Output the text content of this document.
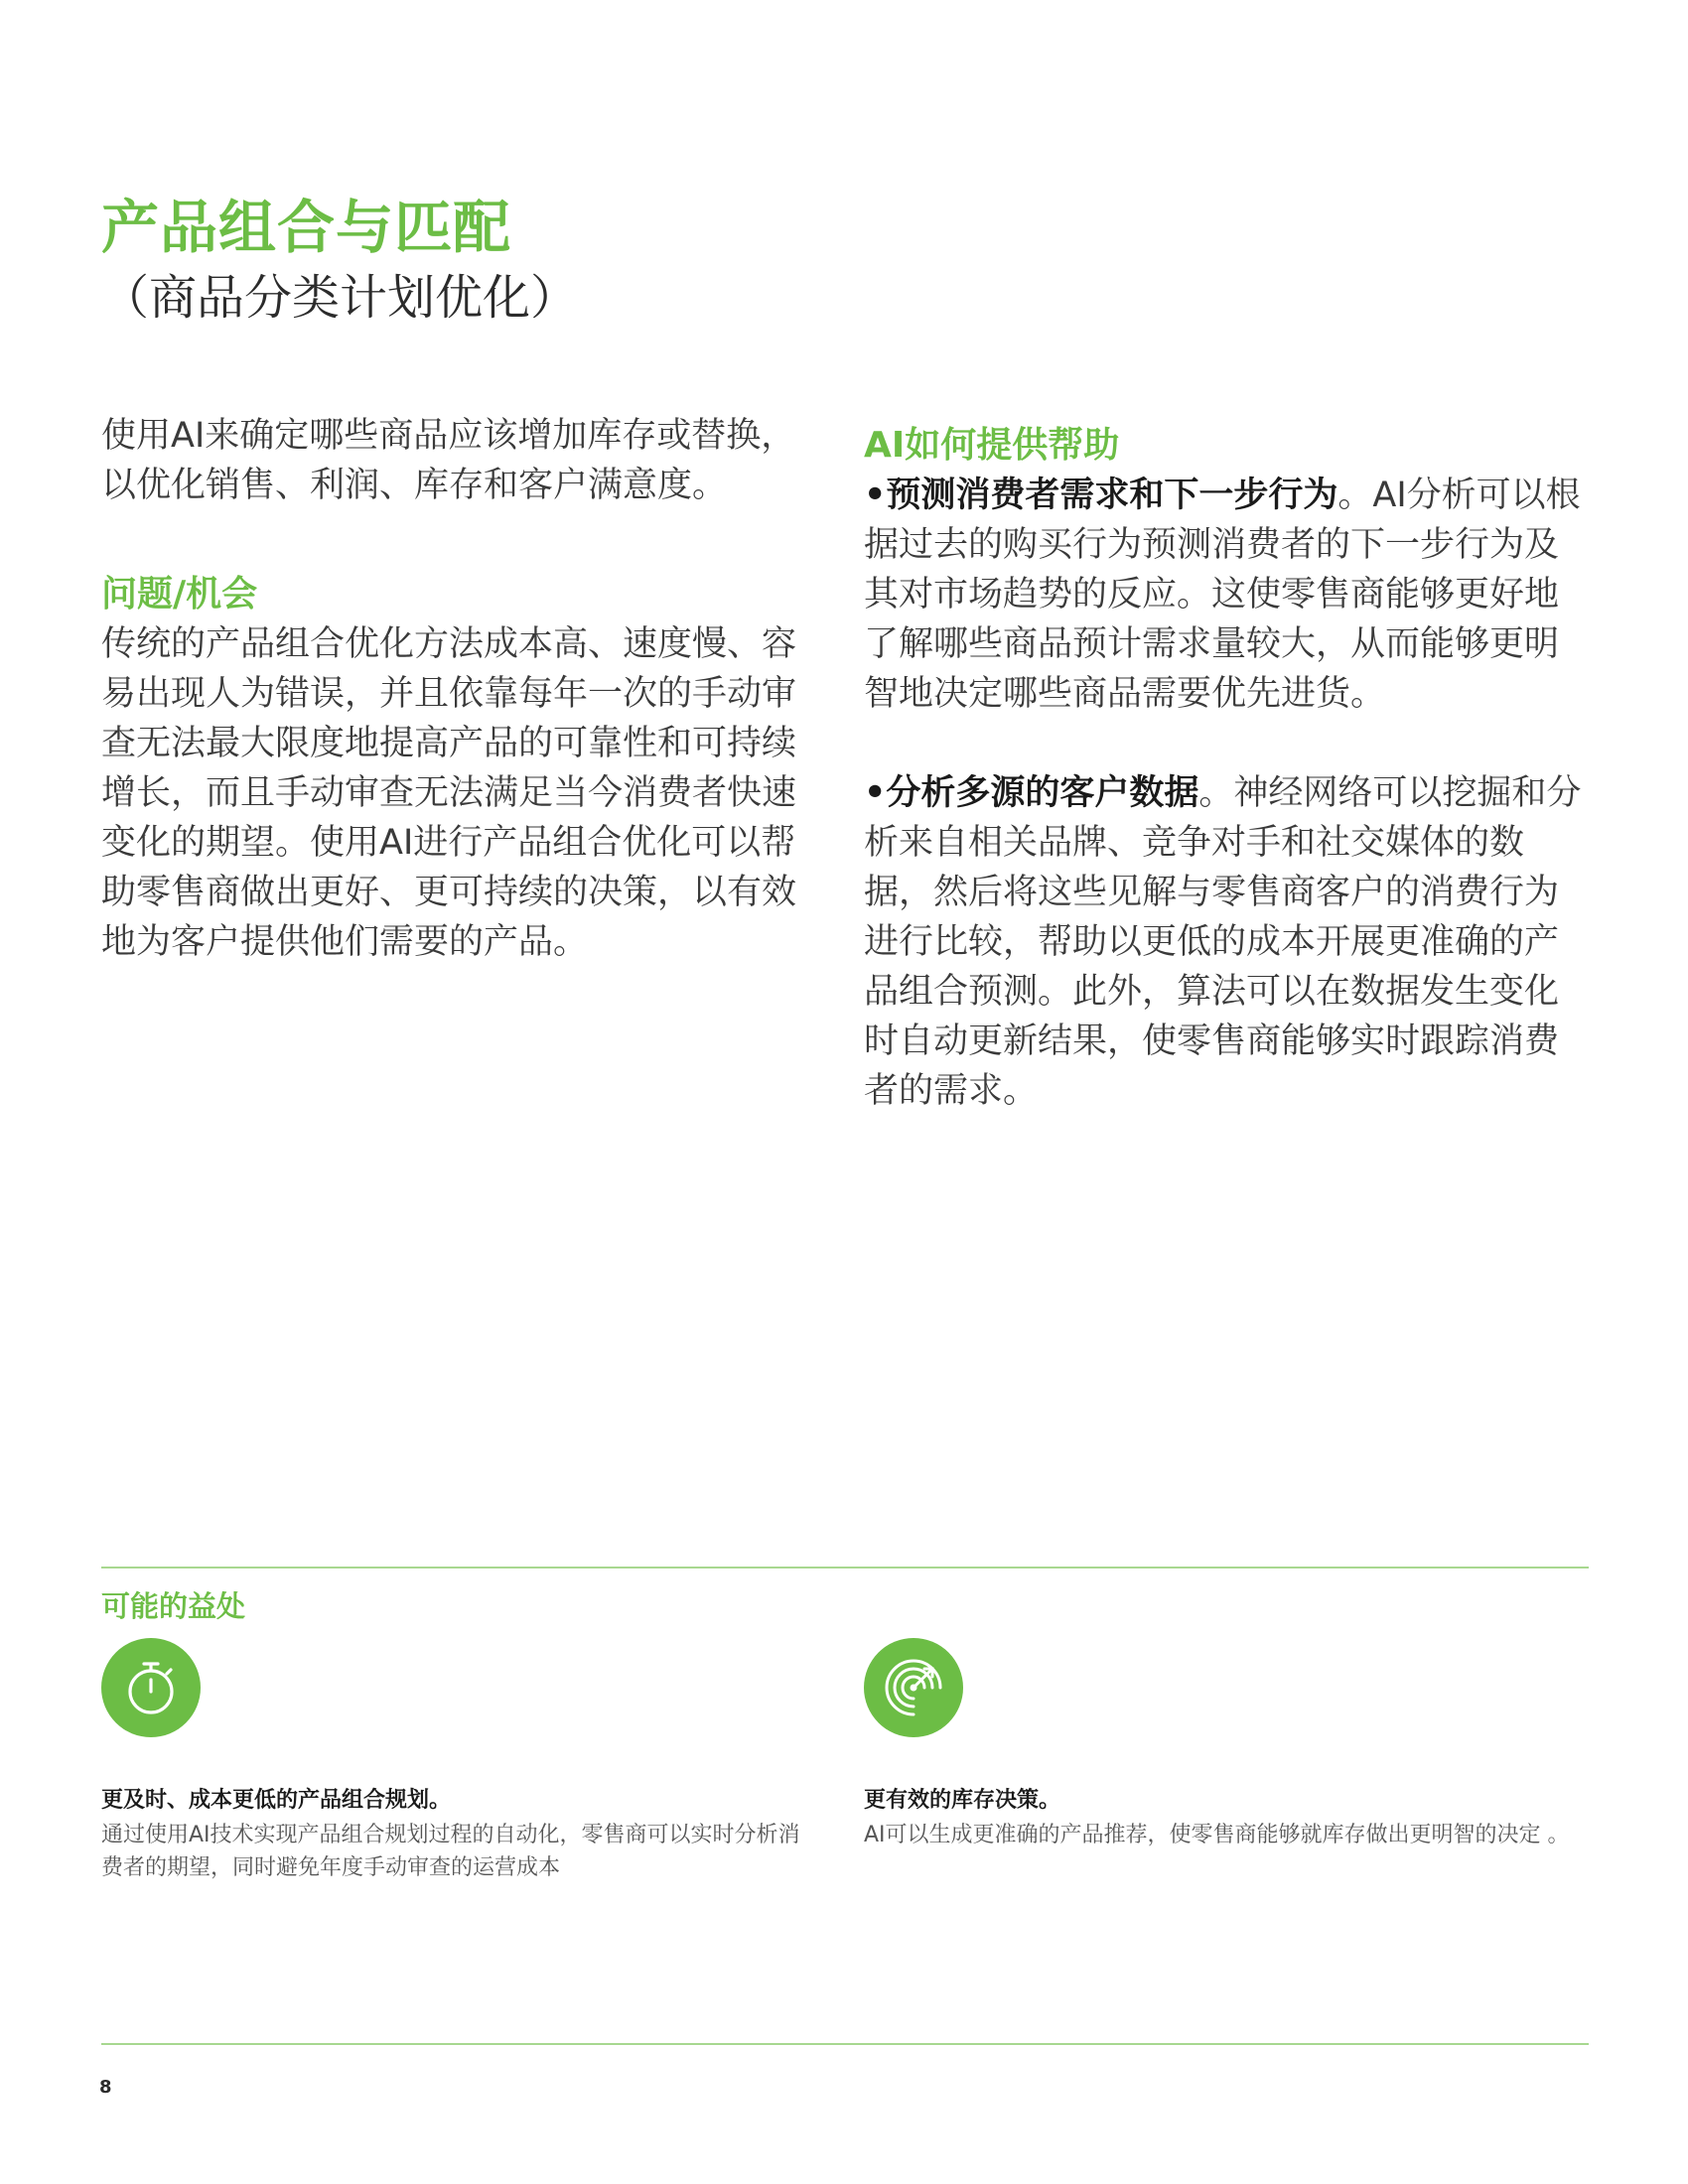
产品组合与匹配
（商品分类计划优化）

使用AI来确定哪些商品应该增加库存或替换，以优化销售、利润、库存和客户满意度。

问题/机会

传统的产品组合优化方法成本高、速度慢、容易出现人为错误，并且依靠每年一次的手动审查无法最大限度地提高产品的可靠性和可持续增长，而且手动审查无法满足当今消费者快速变化的期望。使用AI进行产品组合优化可以帮助零售商做出更好、更可持续的决策，以有效地为客户提供他们需要的产品。

AI如何提供帮助

•预测消费者需求和下一步行为。AI分析可以根据过去的购买行为预测消费者的下一步行为及其对市场趋势的反应。这使零售商能够更好地了解哪些商品预计需求量较大，从而能够更明智地决定哪些商品需要优先进货。

•分析多源的客户数据。神经网络可以挖掘和分析来自相关品牌、竞争对手和社交媒体的数据，然后将这些见解与零售商客户的消费行为进行比较，帮助以更低的成本开展更准确的产品组合预测。此外，算法可以在数据发生变化时自动更新结果，使零售商能够实时跟踪消费者的需求。

可能的益处

更及时、成本更低的产品组合规划。

通过使用AI技术实现产品组合规划过程的自动化，零售商可以实时分析消费者的期望，同时避免年度手动审查的运营成本

更有效的库存决策。

AI可以生成更准确的产品推荐，使零售商能够就库存做出更明智的决定 。

8
